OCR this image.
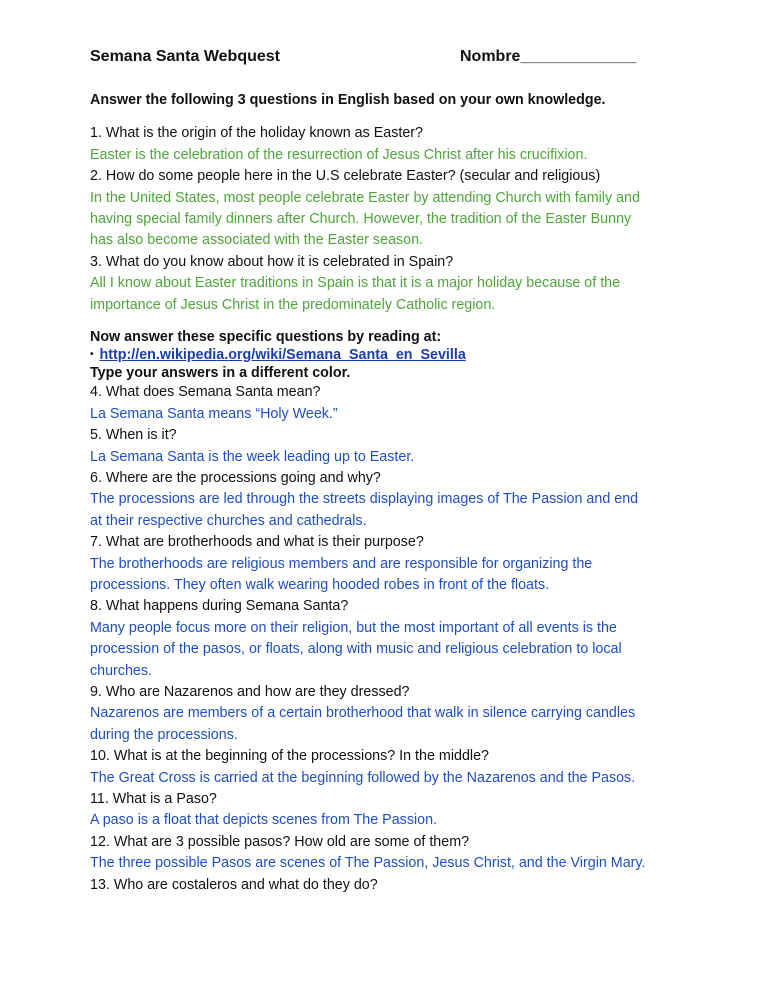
Semana Santa Webquest	Nombre_____________
Answer the following 3 questions in English based on your own knowledge.
1. What is the origin of the holiday known as Easter?
Easter is the celebration of the resurrection of Jesus Christ after his crucifixion.
2. How do some people here in the U.S celebrate Easter? (secular and religious)
In the United States, most people celebrate Easter by attending Church with family and
having special family dinners after Church. However, the tradition of the Easter Bunny
has also become associated with the Easter season.
3. What do you know about how it is celebrated in Spain?
All I know about Easter traditions in Spain is that it is a major holiday because of the
importance of Jesus Christ in the predominately Catholic region.
Now answer these specific questions by reading at:
• http://en.wikipedia.org/wiki/Semana_Santa_en_Sevilla
Type your answers in a different color.
4. What does Semana Santa mean?
La Semana Santa means “Holy Week.”
5. When is it?
La Semana Santa is the week leading up to Easter.
6. Where are the processions going and why?
The processions are led through the streets displaying images of The Passion and end
at their respective churches and cathedrals.
7. What are brotherhoods and what is their purpose?
The brotherhoods are religious members and are responsible for organizing the
processions. They often walk wearing hooded robes in front of the floats.
8. What happens during Semana Santa?
Many people focus more on their religion, but the most important of all events is the
procession of the pasos, or floats, along with music and religious celebration to local
churches.
9. Who are Nazarenos and how are they dressed?
Nazarenos are members of a certain brotherhood that walk in silence carrying candles
during the processions.
10. What is at the beginning of the processions? In the middle?
The Great Cross is carried at the beginning followed by the Nazarenos and the Pasos.
11. What is a Paso?
A paso is a float that depicts scenes from The Passion.
12. What are 3 possible pasos? How old are some of them?
The three possible Pasos are scenes of The Passion, Jesus Christ, and the Virgin Mary.
13. Who are costaleros and what do they do?
